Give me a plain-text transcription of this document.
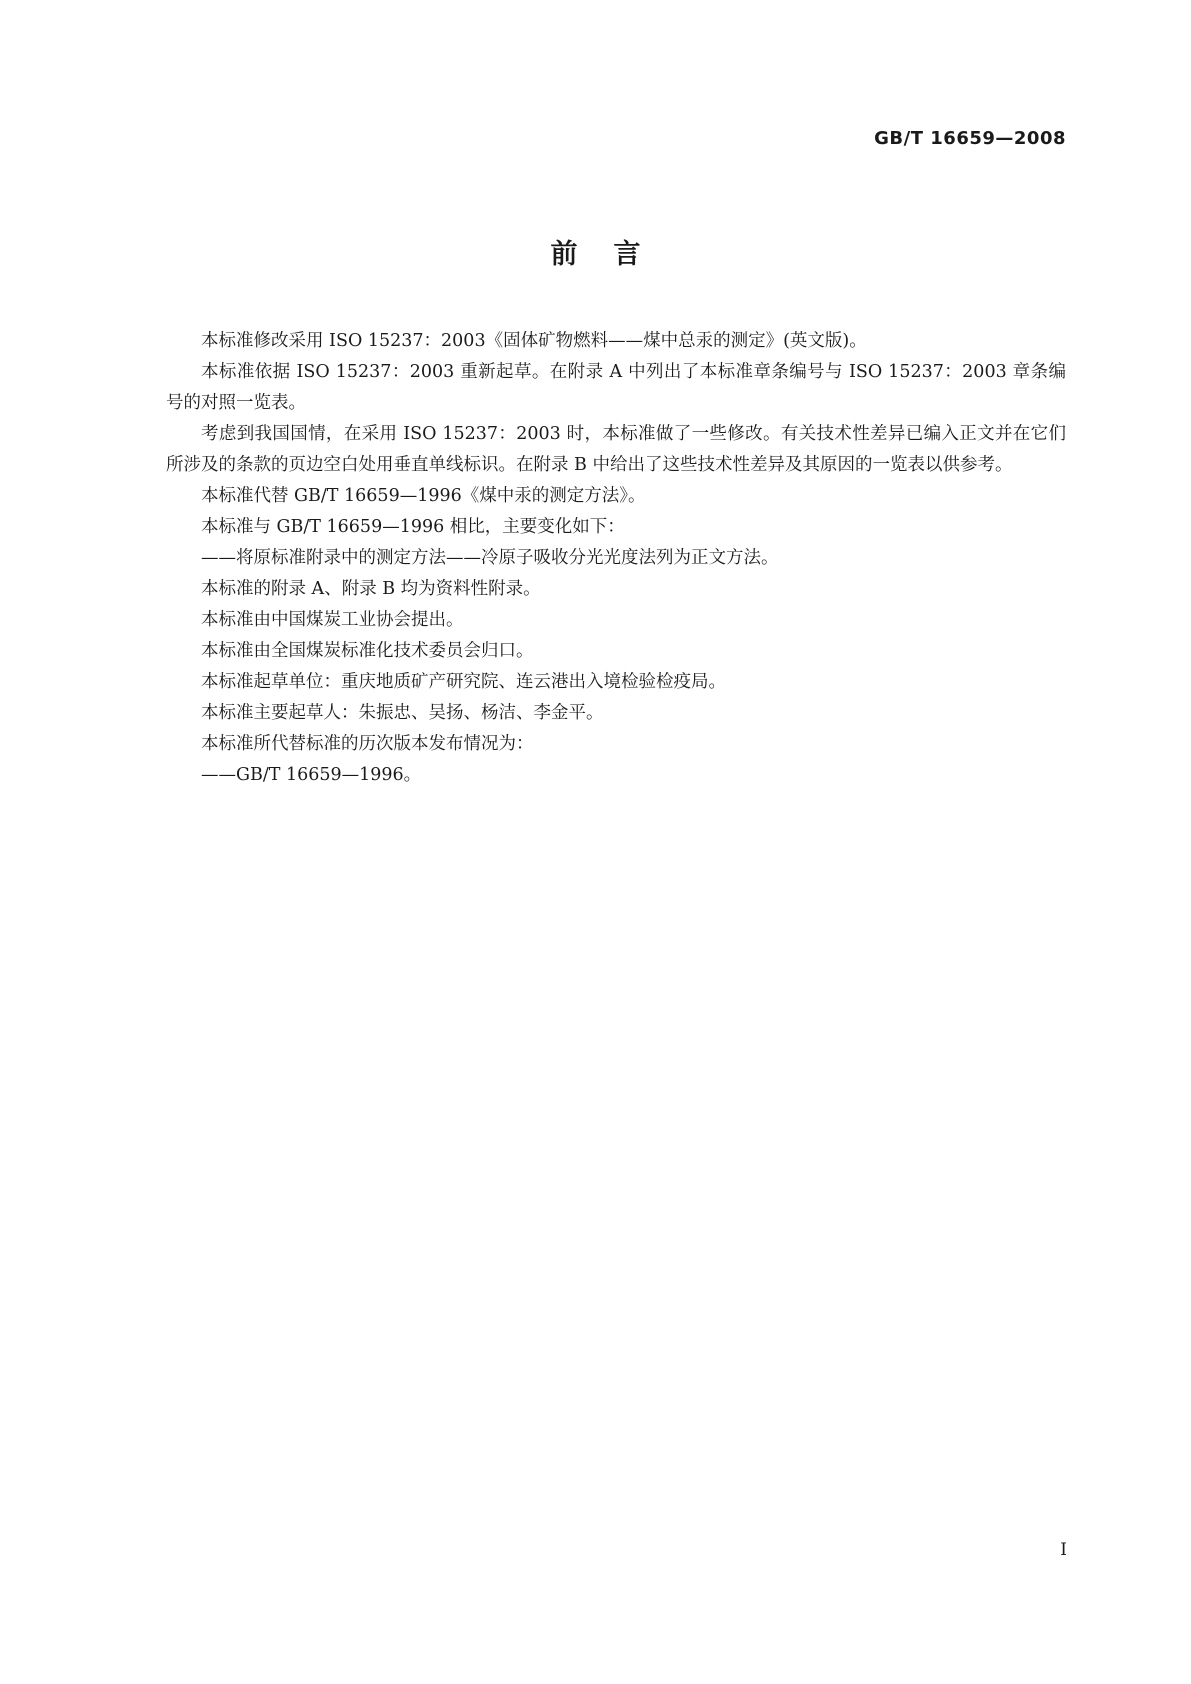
GB/T 16659—2008
前言

本标准修改采用 ISO 15237：2003《固体矿物燃料——煤中总汞的测定》(英文版)。

本标准依据 ISO 15237：2003 重新起草。在附录 A 中列出了本标准章条编号与 ISO 15237：2003 章条编号的对照一览表。

考虑到我国国情，在采用 ISO 15237：2003 时，本标准做了一些修改。有关技术性差异已编入正文并在它们所涉及的条款的页边空白处用垂直单线标识。在附录 B 中给出了这些技术性差异及其原因的一览表以供参考。

本标准代替 GB/T 16659—1996《煤中汞的测定方法》。

本标准与 GB/T 16659—1996 相比，主要变化如下：

——将原标准附录中的测定方法——冷原子吸收分光光度法列为正文方法。

本标准的附录 A、附录 B 均为资料性附录。

本标准由中国煤炭工业协会提出。

本标准由全国煤炭标准化技术委员会归口。

本标准起草单位：重庆地质矿产研究院、连云港出入境检验检疫局。

本标准主要起草人：朱振忠、吴扬、杨洁、李金平。

本标准所代替标准的历次版本发布情况为：

——GB/T 16659—1996。

I
